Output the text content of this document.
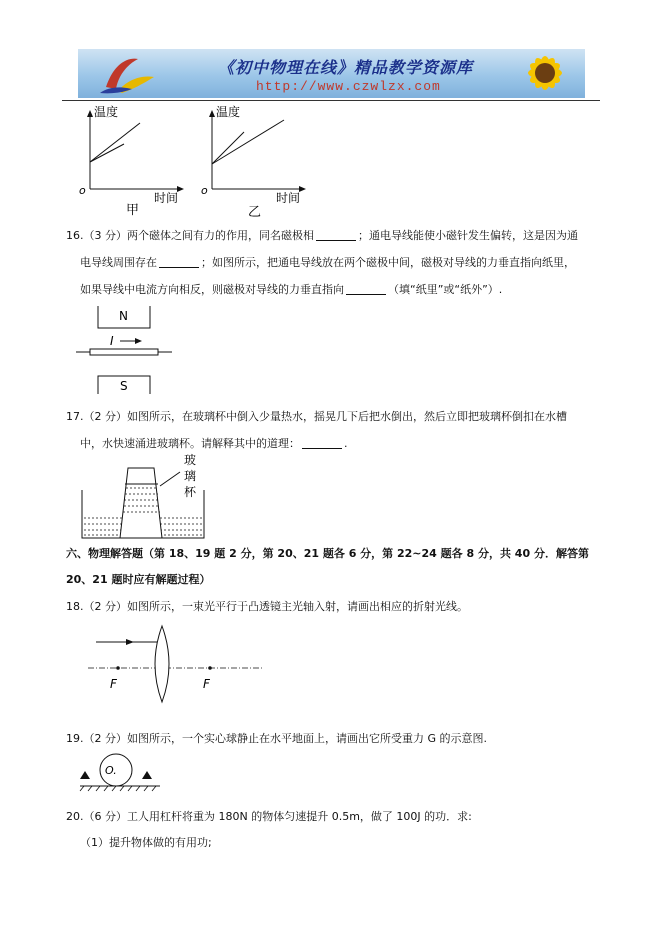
《初中物理在线》精品教学资源库
http://www.czwlzx.com
温度
o
时间
甲
温度
o
时间
乙
16.（3 分）两个磁体之间有力的作用，同名磁极相	；通电导线能使小磁针发生偏转，这是因为通
电导线周围存在	；如图所示，把通电导线放在两个磁极中间，磁极对导线的力垂直指向纸里，
如果导线中电流方向相反，则磁极对导线的力垂直指向	（填“纸里”或“纸外”）.
N
I
S
17.（2 分）如图所示，在玻璃杯中倒入少量热水，摇晃几下后把水倒出，然后立即把玻璃杯倒扣在水槽
中，水快速涌进玻璃杯。请解释其中的道理：	.
玻
璃
杯
六、物理解答题（第 18、19 题 2 分，第 20、21 题各 6 分，第 22~24 题各 8 分，共 40 分．解答第
20、21 题时应有解题过程）
18.（2 分）如图所示，一束光平行于凸透镜主光轴入射，请画出相应的折射光线。
F	F
19.（2 分）如图所示，一个实心球静止在水平地面上，请画出它所受重力 G 的示意图.
O.
20.（6 分）工人用杠杆将重为 180N 的物体匀速提升 0.5m，做了 100J 的功．求:
（1）提升物体做的有用功;
